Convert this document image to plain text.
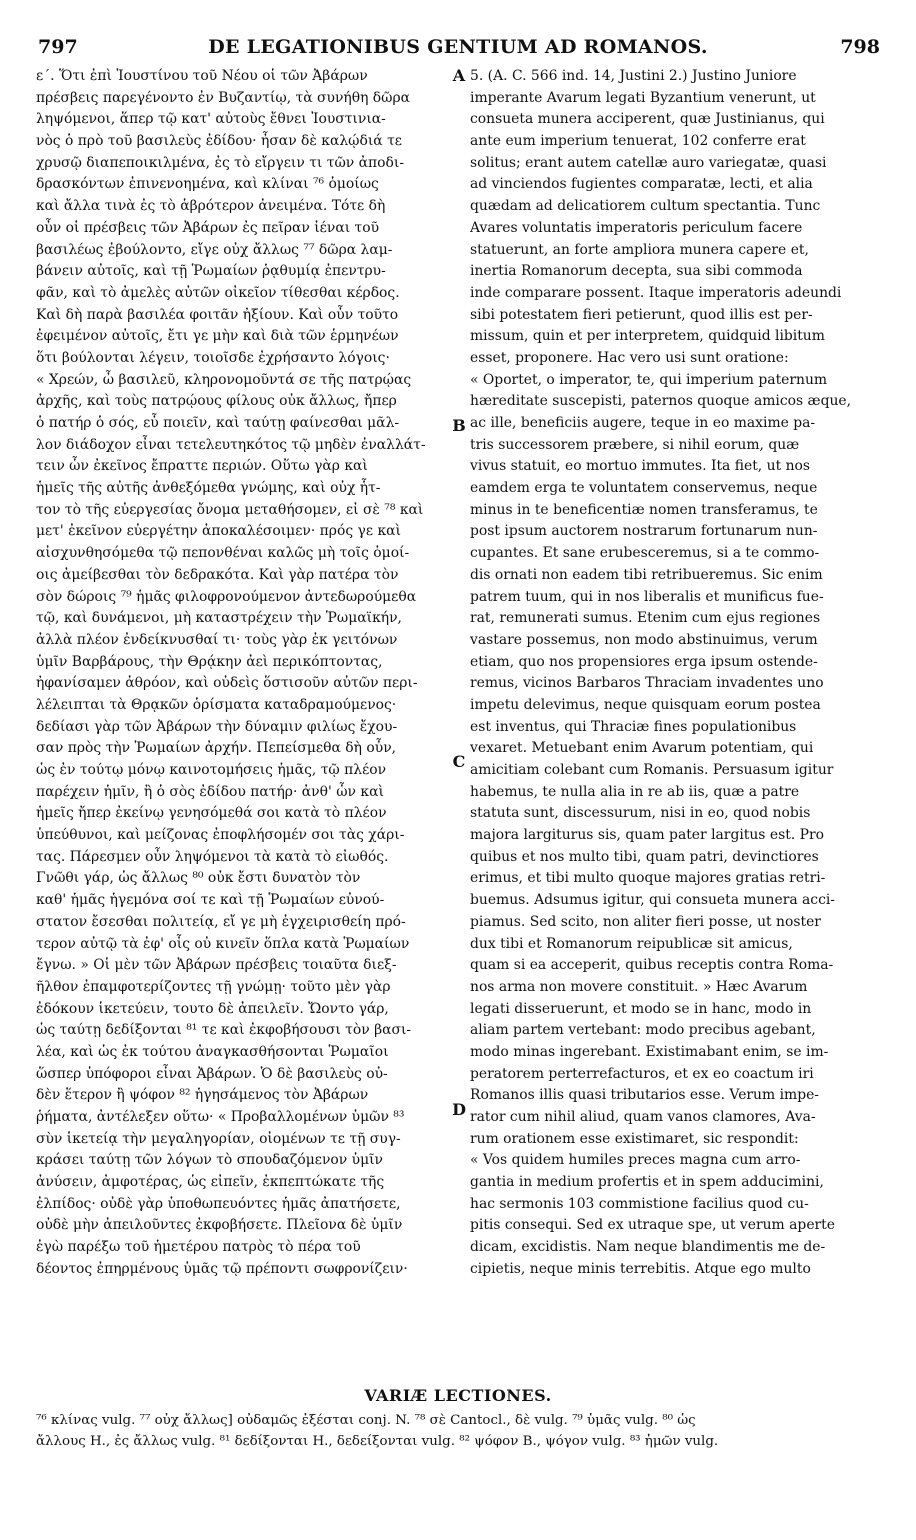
797	DE LEGATIONIBUS GENTIUM AD ROMANOS.	798
ε΄. Ὅτι ἐπὶ Ἰουστίνου τοῦ Νέου οἱ τῶν Ἀβάρων
πρέσβεις παρεγένοντο ἐν Βυζαντίῳ, τὰ συνήθη δῶρα
ληψόμενοι, ἅπερ τῷ κατ' αὐτοὺς ἔθνει Ἰουστινια-
νὸς ὁ πρὸ τοῦ βασιλεὺς ἐδίδου· ἦσαν δὲ καλῴδιά τε
χρυσῷ διαπεποικιλμένα, ἐς τὸ εἴργειν τι τῶν ἀποδι-
δρασκόντων ἐπινενοημένα, καὶ κλίναι ⁷⁶ ὁμοίως
καὶ ἄλλα τινὰ ἐς τὸ ἁβρότερον ἀνειμένα. Τότε δὴ
οὖν οἱ πρέσβεις τῶν Ἀβάρων ἐς πεῖραν ἰέναι τοῦ
βασιλέως ἐβούλοντο, εἴγε οὐχ ἄλλως ⁷⁷ δῶρα λαμ-
βάνειν αὐτοῖς, καὶ τῇ Ῥωμαίων ῥᾳθυμίᾳ ἐπεντρυ-
φᾶν, καὶ τὸ ἀμελὲς αὐτῶν οἰκεῖον τίθεσθαι κέρδος.
Καὶ δὴ παρὰ βασιλέα φοιτᾶν ἠξίουν. Καὶ οὖν τοῦτο
ἐφειμένον αὐτοῖς, ἔτι γε μὴν καὶ διὰ τῶν ἑρμηνέων
ὅτι βούλονται λέγειν, τοιοῖσδε ἐχρήσαντο λόγοις·
« Χρεών, ὦ βασιλεῦ, κληρονομοῦντά σε τῆς πατρῴας
ἀρχῆς, καὶ τοὺς πατρῴους φίλους οὐκ ἄλλως, ἤπερ
ὁ πατήρ ὁ σός, εὖ ποιεῖν, καὶ ταύτῃ φαίνεσθαι μᾶλ-
λον διάδοχον εἶναι τετελευτηκότος τῷ μηδὲν ἐναλλάτ-
τειν ὧν ἐκεῖνος ἔπραττε περιών. Οὕτω γὰρ καὶ
ἡμεῖς τῆς αὐτῆς ἀνθεξόμεθα γνώμης, καὶ οὐχ ἧτ-
τον τὸ τῆς εὐεργεσίας ὄνομα μεταθήσομεν, εἰ σὲ ⁷⁸ καὶ
μετ' ἐκεῖνον εὐεργέτην ἀποκαλέσοιμεν· πρός γε καὶ
αἰσχυνθησόμεθα τῷ πεπονθέναι καλῶς μὴ τοῖς ὁμοί-
οις ἀμείβεσθαι τὸν δεδρακότα. Καὶ γὰρ πατέρα τὸν
σὸν δώροις ⁷⁹ ἡμᾶς φιλοφρονούμενον ἀντεδωρούμεθα
τῷ, καὶ δυνάμενοι, μὴ καταστρέχειν τὴν Ῥωμαϊκήν,
ἀλλὰ πλέον ἐνδείκνυσθαί τι· τοὺς γὰρ ἐκ γειτόνων
ὑμῖν Βαρβάρους, τὴν Θρᾴκην ἀεὶ περικόπτοντας,
ἠφανίσαμεν ἀθρόον, καὶ οὐδεὶς ὅστισοῦν αὐτῶν περι-
λέλειπται τὰ Θρᾳκῶν ὁρίσματα καταδραμούμενος·
δεδίασι γὰρ τῶν Ἀβάρων τὴν δύναμιν φιλίως ἔχου-
σαν πρὸς τὴν Ῥωμαίων ἀρχήν. Πεπείσμεθα δὴ οὖν,
ὡς ἐν τούτῳ μόνῳ καινοτομήσεις ἡμᾶς, τῷ πλέον
παρέχειν ἡμῖν, ἢ ὁ σὸς ἐδίδου πατήρ· ἀνθ' ὧν καὶ
ἡμεῖς ἤπερ ἐκείνῳ γενησόμεθά σοι κατὰ τὸ πλέον
ὑπεύθυνοι, καὶ μείζονας ἐποφλήσομέν σοι τὰς χάρι-
τας. Πάρεσμεν οὖν ληψόμενοι τὰ κατὰ τὸ εἰωθός.
Γνῶθι γάρ, ὡς ἄλλως ⁸⁰ οὐκ ἔστι δυνατὸν τὸν
καθ' ἡμᾶς ἡγεμόνα σοί τε καὶ τῇ Ῥωμαίων εὐνού-
στατον ἔσεσθαι πολιτείᾳ, εἴ γε μὴ ἐγχειρισθείη πρό-
τερον αὐτῷ τὰ ἐφ' οἷς οὐ κινεῖν ὅπλα κατὰ Ῥωμαίων
ἔγνω. » Οἱ μὲν τῶν Ἀβάρων πρέσβεις τοιαῦτα διεξ-
ῆλθον ἐπαμφοτερίζοντες τῇ γνώμῃ· τοῦτο μὲν γὰρ
ἐδόκουν ἱκετεύειν, τουτο δὲ ἀπειλεῖν. Ὤοντο γάρ,
ὡς ταύτῃ δεδίξονται ⁸¹ τε καὶ ἐκφοβήσουσι τὸν βασι-
λέα, καὶ ὡς ἐκ τούτου ἀναγκασθήσονται Ῥωμαῖοι
ὥσπερ ὑπόφοροι εἶναι Ἀβάρων. Ὁ δὲ βασιλεὺς οὐ-
δὲν ἕτερον ἢ ψόφον ⁸² ἡγησάμενος τὸν Ἀβάρων
ῥήματα, ἀντέλεξεν οὕτω· « Προβαλλομένων ὑμῶν ⁸³
σὺν ἱκετείᾳ τὴν μεγαληγορίαν, οἰομένων τε τῇ συγ-
κράσει ταύτῃ τῶν λόγων τὸ σπουδαζόμενον ὑμῖν
ἀνύσειν, ἀμφοτέρας, ὡς εἰπεῖν, ἐκπεπτώκατε τῆς
ἐλπίδος· οὐδὲ γὰρ ὑποθωπευόντες ἡμᾶς ἀπατήσετε,
οὐδὲ μὴν ἀπειλοῦντες ἐκφοβήσετε. Πλεῖονα δὲ ὑμῖν
ἐγὼ παρέξω τοῦ ἡμετέρου πατρὸς τὸ πέρα τοῦ
δέοντος ἐπηρμένους ὑμᾶς τῷ πρέποντι σωφρονίζειν·
5. (A. C. 566 ind. 14, Justini 2.) Justino Juniore
imperante Avarum legati Byzantium venerunt, ut
consueta munera acciperent, quæ Justinianus, qui
ante eum imperium tenuerat, 102 conferre erat
solitus; erant autem catellæ auro variegatæ, quasi
ad vinciendos fugientes comparatæ, lecti, et alia
quædam ad delicatiorem cultum spectantia. Tunc
Avares voluntatis imperatoris periculum facere
statuerunt, an forte ampliora munera capere et,
inertia Romanorum decepta, sua sibi commoda
inde comparare possent. Itaque imperatoris adeundi
sibi potestatem fieri petierunt, quod illis est per-
missum, quin et per interpretem, quidquid libitum
esset, proponere. Hac vero usi sunt oratione:
« Oportet, o imperator, te, qui imperium paternum
hæreditate suscepisti, paternos quoque amicos æque,
ac ille, beneficiis augere, teque in eo maxime pa-
tris successorem præbere, si nihil eorum, quæ
vivus statuit, eo mortuo immutes. Ita fiet, ut nos
eamdem erga te voluntatem conservemus, neque
minus in te beneficentiæ nomen transferamus, te
post ipsum auctorem nostrarum fortunarum nun-
cupantes. Et sane erubesceremus, si a te commo-
dis ornati non eadem tibi retribueremus. Sic enim
patrem tuum, qui in nos liberalis et munificus fue-
rat, remunerati sumus. Etenim cum ejus regiones
vastare possemus, non modo abstinuimus, verum
etiam, quo nos propensiores erga ipsum ostende-
remus, vicinos Barbaros Thraciam invadentes uno
impetu delevimus, neque quisquam eorum postea
est inventus, qui Thraciæ fines populationibus
vexaret. Metuebant enim Avarum potentiam, qui
amicitiam colebant cum Romanis. Persuasum igitur
habemus, te nulla alia in re ab iis, quæ a patre
statuta sunt, discessurum, nisi in eo, quod nobis
majora largiturus sis, quam pater largitus est. Pro
quibus et nos multo tibi, quam patri, devinctiores
erimus, et tibi multo quoque majores gratias retri-
buemus. Adsumus igitur, qui consueta munera acci-
piamus. Sed scito, non aliter fieri posse, ut noster
dux tibi et Romanorum reipublicæ sit amicus,
quam si ea acceperit, quibus receptis contra Roma-
nos arma non movere constituit. » Hæc Avarum
legati disseruerunt, et modo se in hanc, modo in
aliam partem vertebant: modo precibus agebant,
modo minas ingerebant. Existimabant enim, se im-
peratorem perterrefacturos, et ex eo coactum iri
Romanos illis quasi tributarios esse. Verum impe-
rator cum nihil aliud, quam vanos clamores, Ava-
rum orationem esse existimaret, sic respondit:
« Vos quidem humiles preces magna cum arro-
gantia in medium profertis et in spem adducimini,
hac sermonis 103 commistione facilius quod cu-
pitis consequi. Sed ex utraque spe, ut verum aperte
dicam, excidistis. Nam neque blandimentis me de-
cipietis, neque minis terrebitis. Atque ego multo
A
B
C
D
VARIÆ LECTIONES.
⁷⁶ κλίνας vulg. ⁷⁷ οὐχ ἄλλως] οὐδαμῶς ἐξέσται conj. N. ⁷⁸ σὲ Cantocl., δὲ vulg. ⁷⁹ ὑμᾶς vulg. ⁸⁰ ὡς
ἄλλους H., ἐς ἄλλως vulg. ⁸¹ δεδίξονται H., δεδείξονται vulg. ⁸² ψόφον B., ψόγον vulg. ⁸³ ἡμῶν vulg.
